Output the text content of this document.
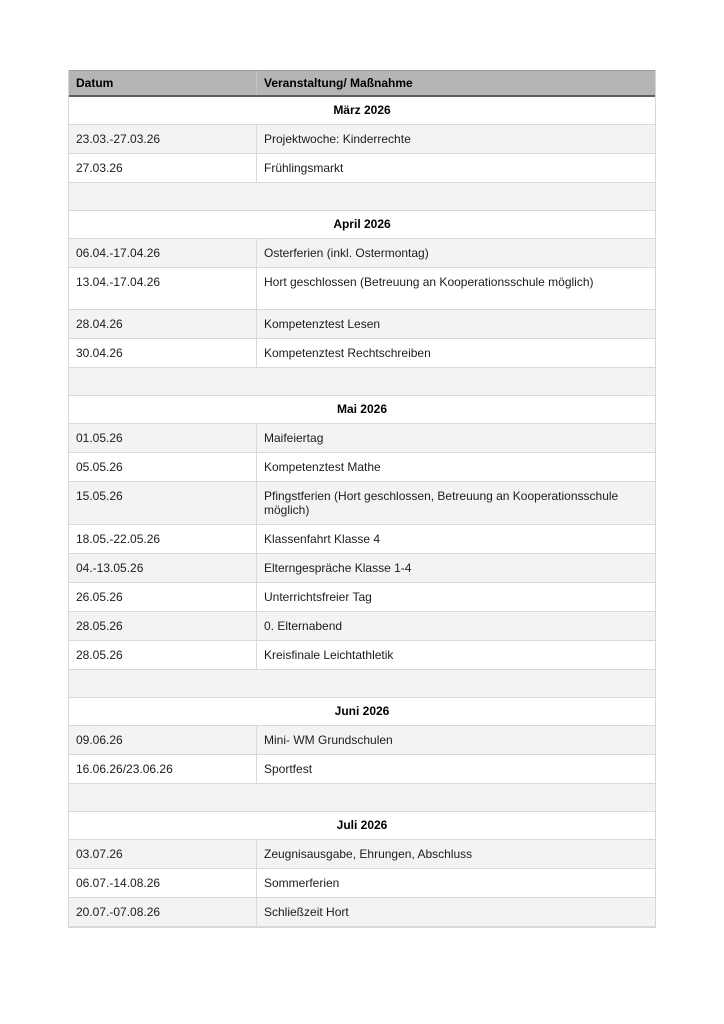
Datum	Veranstaltung/ Maßnahme
März 2026
23.03.-27.03.26	Projektwoche: Kinderrechte
27.03.26	Frühlingsmarkt
April 2026
06.04.-17.04.26	Osterferien (inkl. Ostermontag)
13.04.-17.04.26	Hort geschlossen (Betreuung an Kooperationsschule möglich)
28.04.26	Kompetenztest Lesen
30.04.26	Kompetenztest Rechtschreiben
Mai 2026
01.05.26	Maifeiertag
05.05.26	Kompetenztest Mathe
15.05.26	Pfingstferien (Hort geschlossen, Betreuung an Kooperationsschule möglich)
18.05.-22.05.26	Klassenfahrt Klasse 4
04.-13.05.26	Elterngespräche Klasse 1-4
26.05.26	Unterrichtsfreier Tag
28.05.26	0. Elternabend
28.05.26	Kreisfinale Leichtathletik
Juni 2026
09.06.26	Mini- WM Grundschulen
16.06.26/23.06.26	Sportfest
Juli 2026
03.07.26	Zeugnisausgabe, Ehrungen, Abschluss
06.07.-14.08.26	Sommerferien
20.07.-07.08.26	Schließzeit Hort
